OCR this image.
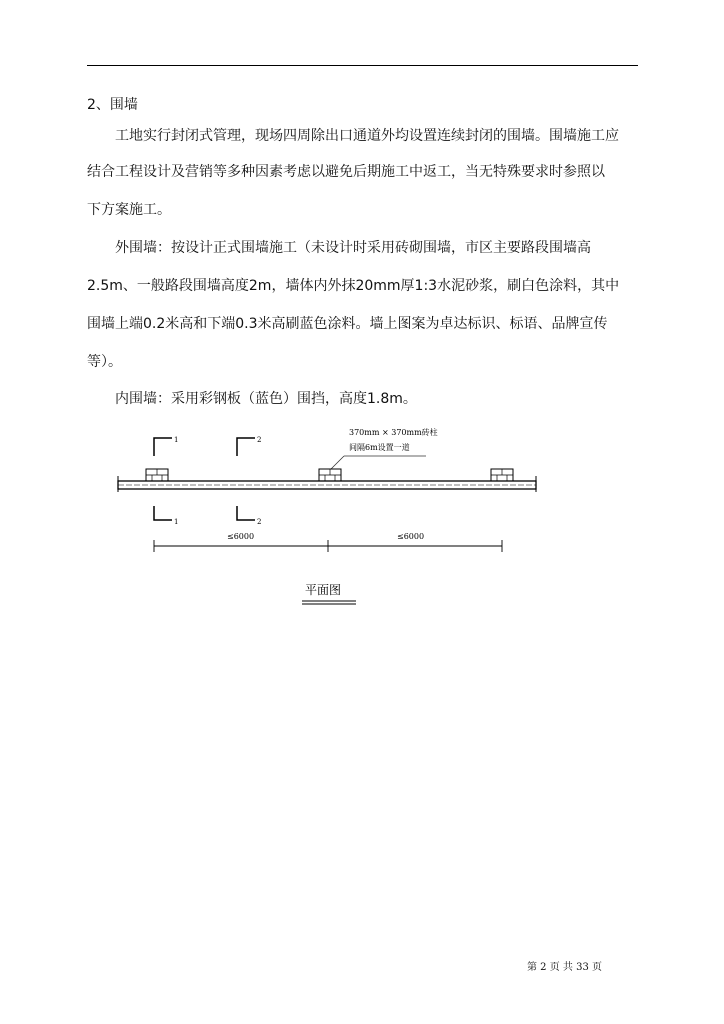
2、围墙
工地实行封闭式管理，现场四周除出口通道外均设置连续封闭的围墙。围墙施工应
结合工程设计及营销等多种因素考虑以避免后期施工中返工，当无特殊要求时参照以
下方案施工。
外围墙：按设计正式围墙施工（未设计时采用砖砌围墙，市区主要路段围墙高
2.5m、一般路段围墙高度2m，墙体内外抹20mm厚1:3水泥砂浆，刷白色涂料，其中
围墙上端0.2米高和下端0.3米高刷蓝色涂料。墙上图案为卓达标识、标语、品牌宣传
等）。
内围墙：采用彩钢板（蓝色）围挡，高度1.8m。
370mm × 370mm砖柱
间隔6m设置一道
1	2
1	2
≤6000	≤6000
平面图
第 2 页 共 33 页
